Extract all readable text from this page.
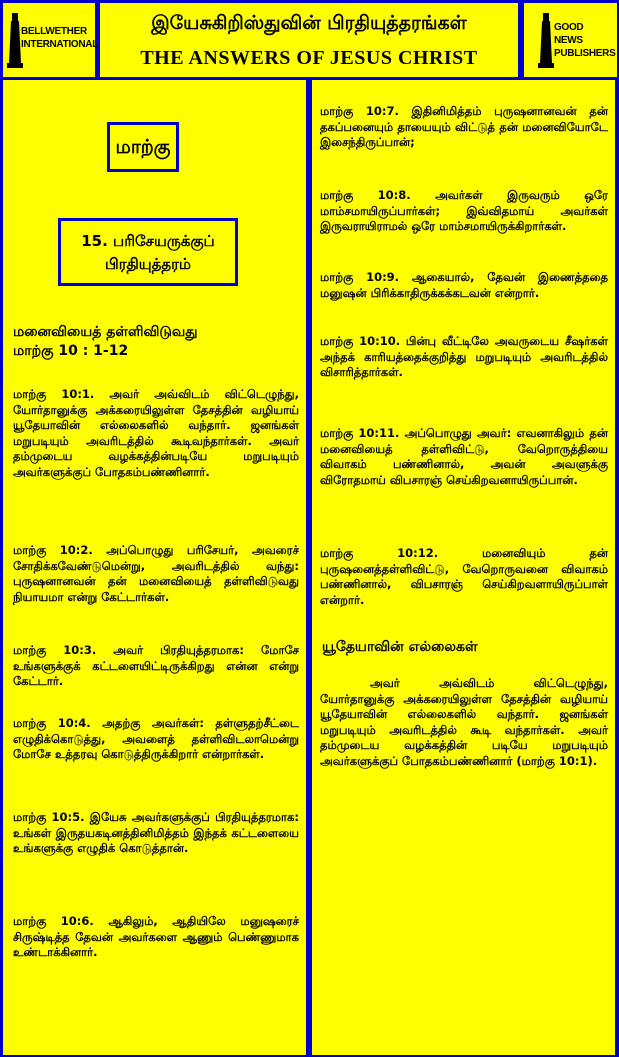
BELLWETHER INTERNATIONAL
இயேசுகிறிஸ்துவின் பிரதியுத்தரங்கள்
THE ANSWERS OF JESUS CHRIST
GOOD NEWS PUBLISHERS
மாற்கு
15. பரிசேயருக்குப்
பிரதியுத்தரம்
மனைவியைத் தள்ளிவிடுவது
மாற்கு 10 : 1-12

மாற்கு 10:1. அவர் அவ்விடம் விட்டெழுந்து, யோர்தானுக்கு அக்கரையிலுள்ள தேசத்தின் வழியாய் யூதேயாவின் எல்லைகளில் வந்தார். ஜனங்கள் மறுபடியும் அவரிடத்தில் கூடிவந்தார்கள். அவர் தம்முடைய வழக்கத்தின்படியே மறுபடியும் அவர்களுக்குப் போதகம்பண்ணினார்.

மாற்கு 10:2. அப்பொழுது பரிசேயர், அவரைச் சோதிக்கவேண்டுமென்று, அவரிடத்தில் வந்து: புருஷனானவன் தன் மனைவியைத் தள்ளிவிடுவது நியாயமா என்று கேட்டார்கள்.

மாற்கு 10:3. அவர் பிரதியுத்தரமாக: மோசே உங்களுக்குக் கட்டளையிட்டிருக்கிறது என்ன என்று கேட்டார்.

மாற்கு 10:4. அதற்கு அவர்கள்: தள்ளுதற்சீட்டை எழுதிக்கொடுத்து, அவளைத் தள்ளிவிடலாமென்று மோசே உத்தரவு கொடுத்திருக்கிறார் என்றார்கள்.

மாற்கு 10:5. இயேசு அவர்களுக்குப் பிரதியுத்தரமாக: உங்கள் இருதயகடினத்தினிமித்தம் இந்தக் கட்டளையை உங்களுக்கு எழுதிக் கொடுத்தான்.

மாற்கு 10:6. ஆகிலும், ஆதியிலே மனுஷரைச் சிருஷ்டித்த தேவன் அவர்களை ஆணும் பெண்ணுமாக உண்டாக்கினார்.

மாற்கு 10:7. இதினிமித்தம் புருஷனானவன் தன் தகப்பனையும் தாயையும் விட்டுத் தன் மனைவியோடே இசைந்திருப்பான்;

மாற்கு 10:8. அவர்கள் இருவரும் ஒரே மாம்சமாயிருப்பார்கள்; இவ்விதமாய் அவர்கள் இருவராயிராமல் ஒரே மாம்சமாயிருக்கிறார்கள்.

மாற்கு 10:9. ஆகையால், தேவன் இணைத்ததை மனுஷன் பிரிக்காதிருக்கக்கடவன் என்றார்.

மாற்கு 10:10. பின்பு வீட்டிலே அவருடைய சீஷர்கள் அந்தக் காரியத்தைக்குறித்து மறுபடியும் அவரிடத்தில் விசாரித்தார்கள்.

மாற்கு 10:11. அப்பொழுது அவர்: எவனாகிலும் தன் மனைவியைத் தள்ளிவிட்டு, வேறொருத்தியை விவாகம் பண்ணினால், அவன் அவளுக்கு விரோதமாய் விபசாரஞ் செய்கிறவனாயிருப்பான்.

மாற்கு 10:12. மனைவியும் தன் புருஷனைத்தள்ளிவிட்டு, வேறொருவனை விவாகம் பண்ணினால், விபசாரஞ் செய்கிறவளாயிருப்பாள் என்றார்.

யூதேயாவின் எல்லைகள்

அவர் அவ்விடம் விட்டெழுந்து, யோர்தானுக்கு அக்கரையிலுள்ள தேசத்தின் வழியாய் யூதேயாவின் எல்லைகளில் வந்தார். ஜனங்கள் மறுபடியும் அவரிடத்தில் கூடி வந்தார்கள். அவர் தம்முடைய வழக்கத்தின் படியே மறுபடியும் அவர்களுக்குப் போதகம்பண்ணினார் (மாற்கு 10:1).
